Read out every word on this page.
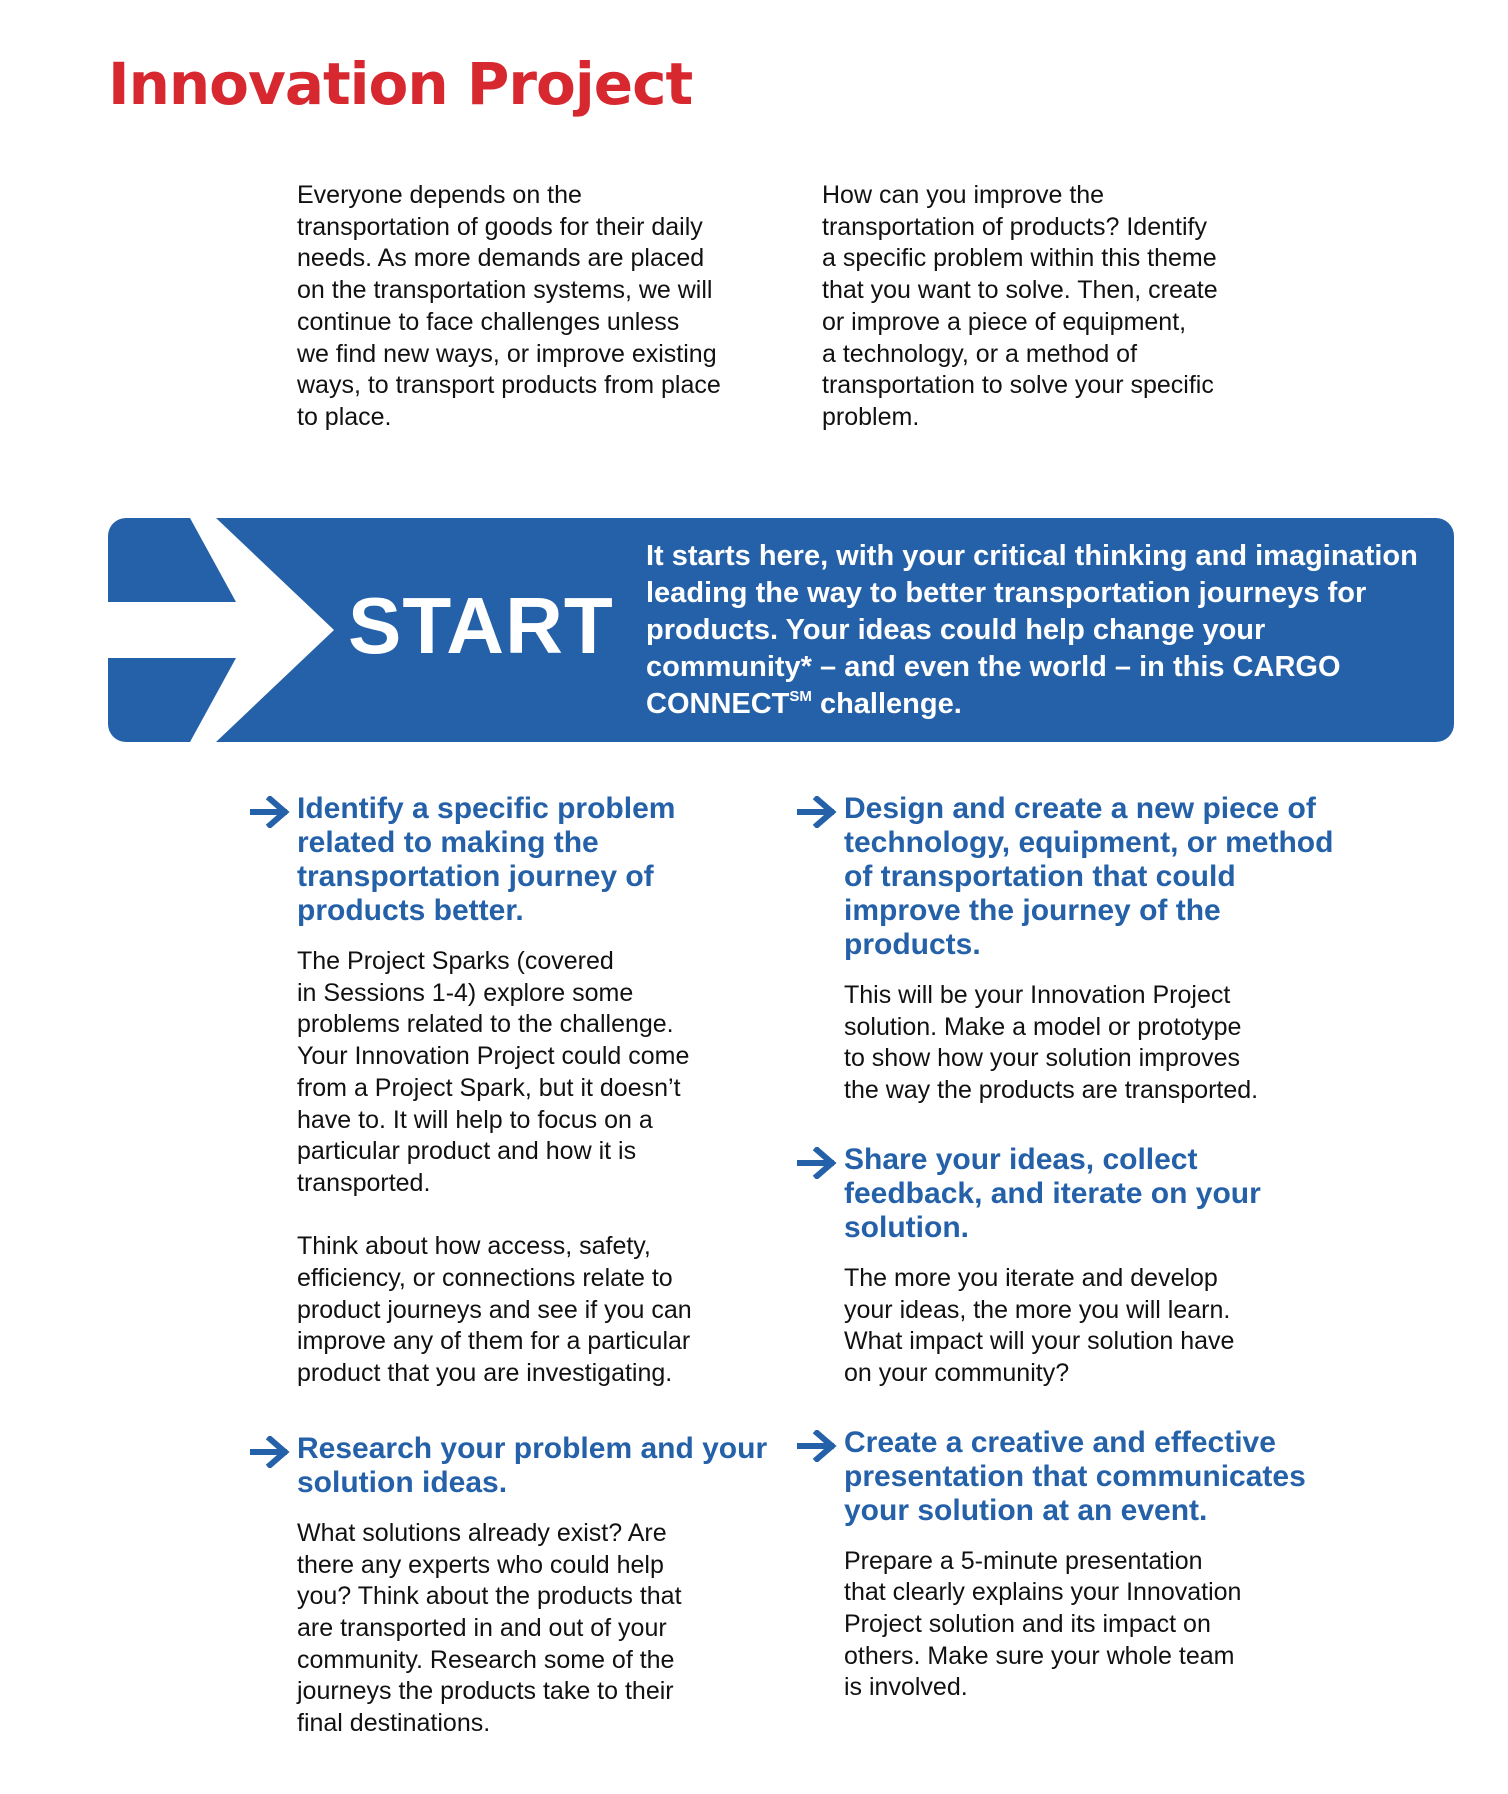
Innovation Project

Everyone depends on the
transportation of goods for their daily
needs. As more demands are placed
on the transportation systems, we will
continue to face challenges unless
we find new ways, or improve existing
ways, to transport products from place
to place.

How can you improve the
transportation of products? Identify
a specific problem within this theme
that you want to solve. Then, create
or improve a piece of equipment,
a technology, or a method of
transportation to solve your specific
problem.

START

It starts here, with your critical thinking and imagination leading the way to better transportation journeys for products. Your ideas could help change your community* – and even the world – in this CARGO CONNECT℠ challenge.

Identify a specific problem related to making the transportation journey of products better.

The Project Sparks (covered
in Sessions 1-4) explore some
problems related to the challenge.
Your Innovation Project could come
from a Project Spark, but it doesn’t
have to. It will help to focus on a
particular product and how it is
transported.

Think about how access, safety,
efficiency, or connections relate to
product journeys and see if you can
improve any of them for a particular
product that you are investigating.

Research your problem and your solution ideas.

What solutions already exist? Are
there any experts who could help
you? Think about the products that
are transported in and out of your
community. Research some of the
journeys the products take to their
final destinations.

Design and create a new piece of technology, equipment, or method of transportation that could improve the journey of the products.

This will be your Innovation Project
solution. Make a model or prototype
to show how your solution improves
the way the products are transported.

Share your ideas, collect feedback, and iterate on your solution.

The more you iterate and develop
your ideas, the more you will learn.
What impact will your solution have
on your community?

Create a creative and effective presentation that communicates your solution at an event.

Prepare a 5-minute presentation
that clearly explains your Innovation
Project solution and its impact on
others. Make sure your whole team
is involved.
